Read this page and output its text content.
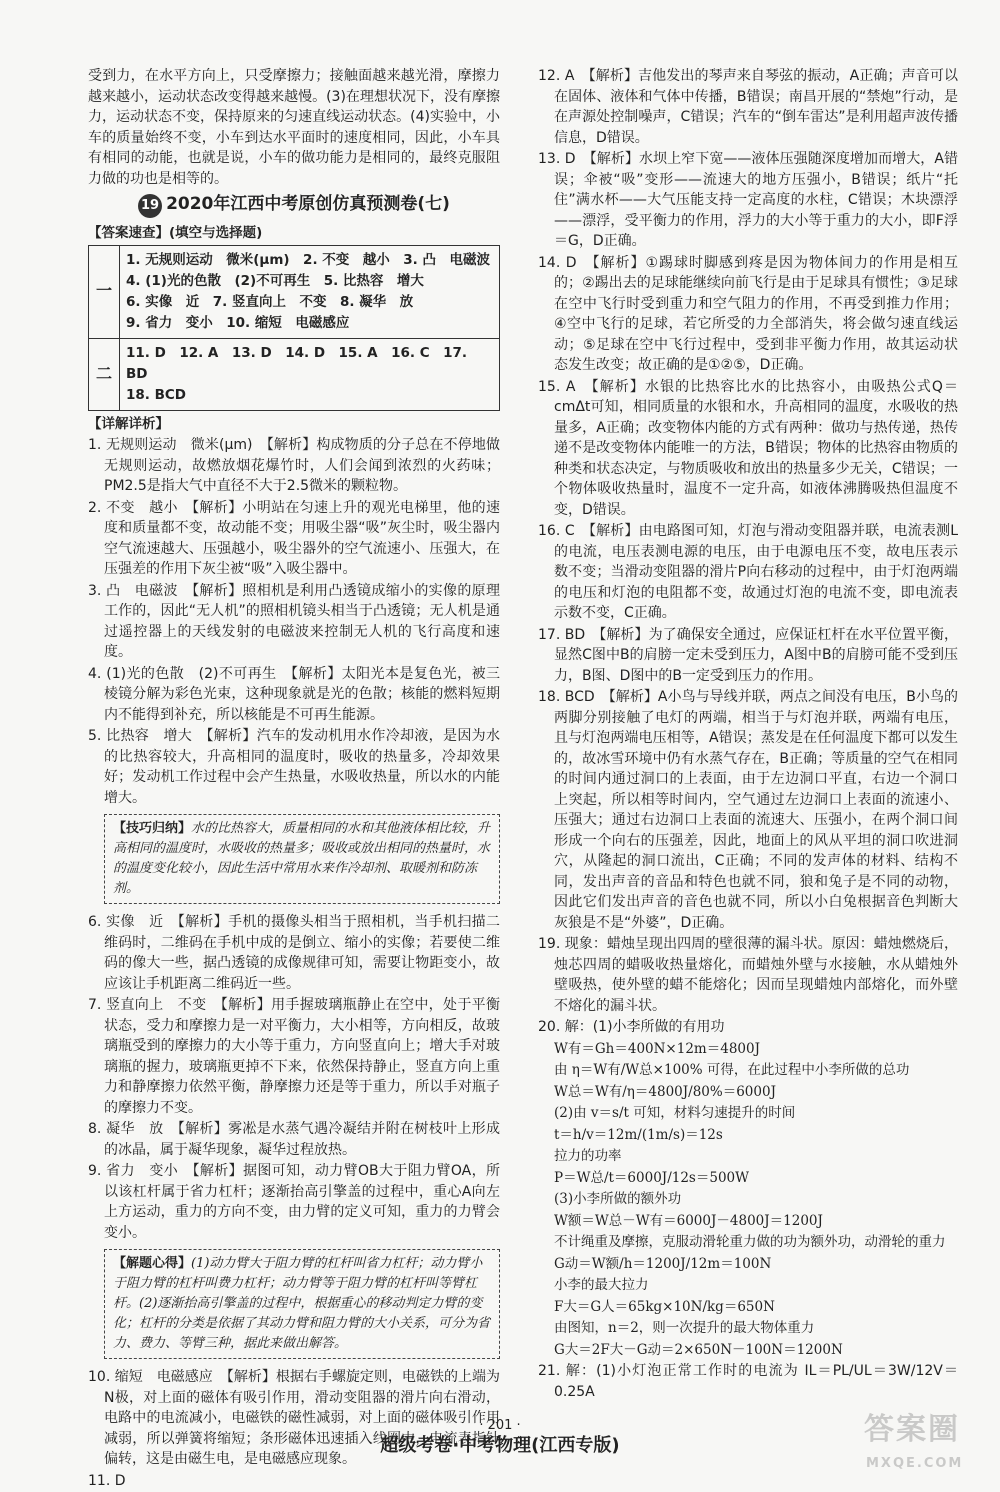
受到力，在水平方向上，只受摩擦力；接触面越来越光滑，摩擦力越来越小，运动状态改变得越来越慢。(3)在理想状况下，没有摩擦力，运动状态不变，保持原来的匀速直线运动状态。(4)实验中，小车的质量始终不变，小车到达水平面时的速度相同，因此，小车具有相同的动能，也就是说，小车的做功能力是相同的，最终克服阻力做的功也是相等的。

19 2020年江西中考原创仿真预测卷(七)
【答案速查】(填空与选择题)
一	1. 无规则运动　微米(μm)　2. 不变　越小　3. 凸　电磁波
4. (1)光的色散　(2)不可再生　5. 比热容　增大
6. 实像　近　7. 竖直向上　不变　8. 凝华　放
9. 省力　变小　10. 缩短　电磁感应

二	11. D　12. A　13. D　14. D　15. A　16. C　17. BD
18. BCD
【详解详析】

1. 无规则运动　微米(μm)　【解析】构成物质的分子总在不停地做无规则运动，故燃放烟花爆竹时，人们会闻到浓烈的火药味；PM2.5是指大气中直径不大于2.5微米的颗粒物。

2. 不变　越小　【解析】小明站在匀速上升的观光电梯里，他的速度和质量都不变，故动能不变；用吸尘器“吸”灰尘时，吸尘器内空气流速越大、压强越小，吸尘器外的空气流速小、压强大，在压强差的作用下灰尘被“吸”入吸尘器中。

3. 凸　电磁波　【解析】照相机是利用凸透镜成缩小的实像的原理工作的，因此“无人机”的照相机镜头相当于凸透镜；无人机是通过遥控器上的天线发射的电磁波来控制无人机的飞行高度和速度。

4. (1)光的色散　(2)不可再生　【解析】太阳光本是复色光，被三棱镜分解为彩色光束，这种现象就是光的色散；核能的燃料短期内不能得到补充，所以核能是不可再生能源。

5. 比热容　增大　【解析】汽车的发动机用水作冷却液，是因为水的比热容较大，升高相同的温度时，吸收的热量多，冷却效果好；发动机工作过程中会产生热量，水吸收热量，所以水的内能增大。

【技巧归纳】水的比热容大，质量相同的水和其他液体相比较，升高相同的温度时，水吸收的热量多；吸收或放出相同的热量时，水的温度变化较小，因此生活中常用水来作冷却剂、取暖剂和防冻剂。

6. 实像　近　【解析】手机的摄像头相当于照相机，当手机扫描二维码时，二维码在手机中成的是倒立、缩小的实像；若要使二维码的像大一些，据凸透镜的成像规律可知，需要让物距变小，故应该让手机距离二维码近一些。

7. 竖直向上　不变　【解析】用手握玻璃瓶静止在空中，处于平衡状态，受力和摩擦力是一对平衡力，大小相等，方向相反，故玻璃瓶受到的摩擦力的大小等于重力，方向竖直向上；增大手对玻璃瓶的握力，玻璃瓶更掉不下来，依然保持静止，竖直方向上重力和静摩擦力依然平衡，静摩擦力还是等于重力，所以手对瓶子的摩擦力不变。

8. 凝华　放　【解析】雾凇是水蒸气遇冷凝结并附在树枝叶上形成的冰晶，属于凝华现象，凝华过程放热。

9. 省力　变小　【解析】据图可知，动力臂OB大于阻力臂OA，所以该杠杆属于省力杠杆；逐渐抬高引擎盖的过程中，重心A向左上方运动，重力的方向不变，由力臂的定义可知，重力的力臂会变小。

【解题心得】(1)动力臂大于阻力臂的杠杆叫省力杠杆；动力臂小于阻力臂的杠杆叫费力杠杆；动力臂等于阻力臂的杠杆叫等臂杠杆。(2)逐渐抬高引擎盖的过程中，根据重心的移动判定力臂的变化；杠杆的分类是依据了其动力臂和阻力臂的大小关系，可分为省力、费力、等臂三种，据此来做出解答。

10. 缩短　电磁感应　【解析】根据右手螺旋定则，电磁铁的上端为N极，对上面的磁体有吸引作用，滑动变阻器的滑片向右滑动，电路中的电流减小，电磁铁的磁性减弱，对上面的磁体吸引作用减弱，所以弹簧将缩短；条形磁体迅速插入线圈中，电流表指针偏转，这是由磁生电，是电磁感应现象。

11. D

12. A　【解析】吉他发出的琴声来自琴弦的振动，A正确；声音可以在固体、液体和气体中传播，B错误；南昌开展的“禁炮”行动，是在声源处控制噪声，C错误；汽车的“倒车雷达”是利用超声波传播信息，D错误。

13. D　【解析】水坝上窄下宽——液体压强随深度增加而增大，A错误；伞被“吸”变形——流速大的地方压强小，B错误；纸片“托住”满水杯——大气压能支持一定高度的水柱，C错误；木块漂浮——漂浮，受平衡力的作用，浮力的大小等于重力的大小，即F浮＝G，D正确。

14. D　【解析】①踢球时脚感到疼是因为物体间力的作用是相互的；②踢出去的足球能继续向前飞行是由于足球具有惯性；③足球在空中飞行时受到重力和空气阻力的作用，不再受到推力作用；④空中飞行的足球，若它所受的力全部消失，将会做匀速直线运动；⑤足球在空中飞行过程中，受到非平衡力作用，故其运动状态发生改变；故正确的是①②⑤，D正确。

15. A　【解析】水银的比热容比水的比热容小，由吸热公式Q＝cmΔt可知，相同质量的水银和水，升高相同的温度，水吸收的热量多，A正确；改变物体内能的方式有两种：做功与热传递，热传递不是改变物体内能唯一的方法，B错误；物体的比热容由物质的种类和状态决定，与物质吸收和放出的热量多少无关，C错误；一个物体吸收热量时，温度不一定升高，如液体沸腾吸热但温度不变，D错误。

16. C　【解析】由电路图可知，灯泡与滑动变阻器并联，电流表测L的电流，电压表测电源的电压，由于电源电压不变，故电压表示数不变；当滑动变阻器的滑片P向右移动的过程中，由于灯泡两端的电压和灯泡的电阻都不变，故通过灯泡的电流不变，即电流表示数不变，C正确。

17. BD　【解析】为了确保安全通过，应保证杠杆在水平位置平衡，显然C图中B的肩膀一定未受到压力，A图中B的肩膀可能不受到压力，B图、D图中的B一定受到压力的作用。

18. BCD　【解析】A小鸟与导线并联，两点之间没有电压，B小鸟的两脚分别接触了电灯的两端，相当于与灯泡并联，两端有电压，且与灯泡两端电压相等，A错误；蒸发是在任何温度下都可以发生的，故冰雪环境中仍有水蒸气存在，B正确；等质量的空气在相同的时间内通过洞口的上表面，由于左边洞口平直，右边一个洞口上突起，所以相等时间内，空气通过左边洞口上表面的流速小、压强大；通过右边洞口上表面的流速大、压强小，在两个洞口间形成一个向右的压强差，因此，地面上的风从平坦的洞口吹进洞穴，从隆起的洞口流出，C正确；不同的发声体的材料、结构不同，发出声音的音品和特色也就不同，狼和兔子是不同的动物，因此它们发出声音的音色也就不同，所以小白兔根据音色判断大灰狼是不是“外婆”，D正确。

19. 现象：蜡烛呈现出四周的壁很薄的漏斗状。原因：蜡烛燃烧后，烛芯四周的蜡吸收热量熔化，而蜡烛外壁与水接触，水从蜡烛外壁吸热，使外壁的蜡不能熔化；因而呈现蜡烛内部熔化，而外壁不熔化的漏斗状。

20. 解：(1)小李所做的有用功

W有＝Gh＝400N×12m＝4800J

由 η＝W有/W总×100% 可得，在此过程中小李所做的总功

W总＝W有/η＝4800J/80%＝6000J

(2)由 v＝s/t 可知，材料匀速提升的时间

t＝h/v＝12m/(1m/s)＝12s

拉力的功率

P＝W总/t＝6000J/12s＝500W

(3)小李所做的额外功

W额＝W总－W有＝6000J－4800J＝1200J

不计绳重及摩擦，克服动滑轮重力做的功为额外功，动滑轮的重力

G动＝W额/h＝1200J/12m＝100N

小李的最大拉力

F大＝G人＝65kg×10N/kg＝650N

由图知，n＝2，则一次提升的最大物体重力

G大＝2F大－G动＝2×650N－100N＝1200N

21. 解：(1)小灯泡正常工作时的电流为 IL＝PL/UL＝3W/12V＝0.25A

· 201 ·
超级考卷·中考物理(江西专版)	答案圈
MXQE.COM
